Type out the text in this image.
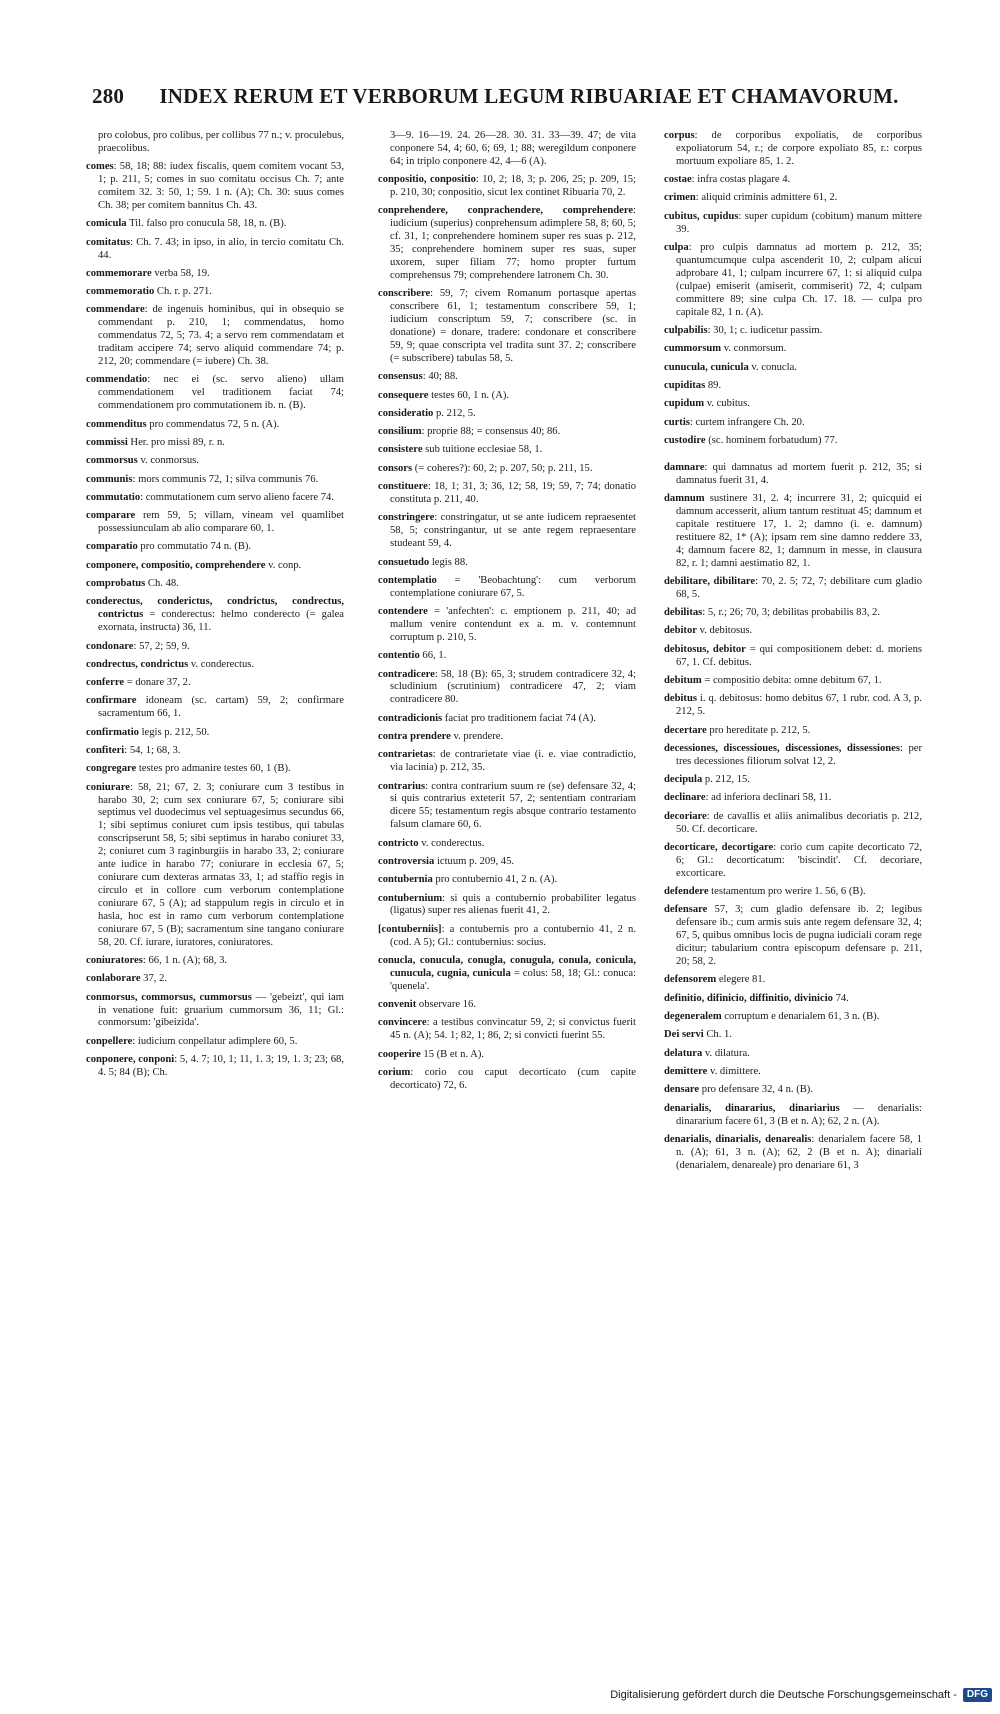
280	INDEX RERUM ET VERBORUM LEGUM RIBUARIAE ET CHAMAVORUM.

pro colobus, pro colibus, per collibus 77 n.; v. proculebus, praecolibus.

comes: 58, 18; 88: iudex fiscalis, quem comitem vocant 53, 1; p. 211, 5; comes in suo comitatu occisus Ch. 7; ante comitem 32. 3: 50, 1; 59. 1 n. (A); Ch. 30: suus comes Ch. 38; per comitem bannitus Ch. 43.

comicula Til. falso pro conucula 58, 18, n. (B).

comitatus: Ch. 7. 43; in ipso, in alio, in tercio comitatu Ch. 44.

commemorare verba 58, 19.

commemoratio Ch. r. p. 271.

commendare: de ingenuis hominibus, qui in obsequio se commendant p. 210, 1; commendatus, homo commendatus 72, 5; 73. 4; a servo rem commendatam et traditam accipere 74; servo aliquid commendare 74; p. 212, 20; commendare (= iubere) Ch. 38.

commendatio: nec ei (sc. servo alieno) ullam commendationem vel traditionem faciat 74; commendationem pro commutationem ib. n. (B).

commenditus pro commendatus 72, 5 n. (A).

commissi Her. pro missi 89, r. n.

commorsus v. conmorsus.

communis: mors communis 72, 1; silva communis 76.

commutatio: commutationem cum servo alieno facere 74.

comparare rem 59, 5; villam, vineam vel quamlibet possessiunculam ab alio comparare 60, 1.

comparatio pro commutatio 74 n. (B).

componere, compositio, comprehendere v. conp.

comprobatus Ch. 48.

conderectus, conderictus, condrictus, condrectus, contrictus = conderectus: helmo conderecto (= galea exornata, instructa) 36, 11.

condonare: 57, 2; 59, 9.

condrectus, condrictus v. conderectus.

conferre = donare 37, 2.

confirmare idoneam (sc. cartam) 59, 2; confirmare sacramentum 66, 1.

confirmatio legis p. 212, 50.

confiteri: 54, 1; 68, 3.

congregare testes pro admanire testes 60, 1 (B).

coniurare: 58, 21; 67, 2. 3; coniurare cum 3 testibus in harabo 30, 2; cum sex coniurare 67, 5; coniurare sibi septimus vel duodecimus vel septuagesimus secundus 66, 1; sibi septimus coniuret cum ipsis testibus, qui tabulas conscripserunt 58, 5; sibi septimus in harabo coniuret 33, 2; coniuret cum 3 raginburgiis in harabo 33, 2; coniurare ante iudice in harabo 77; coniurare in ecclesia 67, 5; coniurare cum dexteras armatas 33, 1; ad staffio regis in circulo et in collore cum verborum contemplatione coniurare 67, 5 (A); ad stappulum regis in circulo et in hasla, hoc est in ramo cum verborum contemplatione coniurare 67, 5 (B); sacramentum sine tangano coniurare 58, 20. Cf. iurare, iuratores, coniuratores.

coniuratores: 66, 1 n. (A); 68, 3.

conlaborare 37, 2.

conmorsus, commorsus, cummorsus — 'gebeizt', qui iam in venatione fuit: gruarium cummorsum 36, 11; Gl.: conmorsum: 'gibeizida'.

conpellere: iudicium conpellatur adimplere 60, 5.

conponere, conponi: 5, 4. 7; 10, 1; 11, 1. 3; 19, 1. 3; 23; 68, 4. 5; 84 (B); Ch.

3—9. 16—19. 24. 26—28. 30. 31. 33—39. 47; de vita conponere 54, 4; 60, 6; 69, 1; 88; weregildum conponere 64; in triplo conponere 42, 4—6 (A).

conpositio, conpositio: 10, 2; 18, 3; p. 206, 25; p. 209, 15; p. 210, 30; conpositio, sicut lex continet Ribuaria 70, 2.

conprehendere, conprachendere, comprehendere: iudicium (superius) conprehensum adimplere 58, 8; 60, 5; cf. 31, 1; conprehendere hominem super res suas p. 212, 35; conprehendere hominem super res suas, super uxorem, super filiam 77; homo propter furtum comprehensus 79; comprehendere latronem Ch. 30.

conscribere: 59, 7; civem Romanum portasque apertas conscribere 61, 1; testamentum conscribere 59, 1; iudicium conscriptum 59, 7; conscribere (sc. in donatione) = donare, tradere: condonare et conscribere 59, 9; quae conscripta vel tradita sunt 37. 2; conscribere (= subscribere) tabulas 58, 5.

consensus: 40; 88.

consequere testes 60, 1 n. (A).

consideratio p. 212, 5.

consilium: proprie 88; = consensus 40; 86.

consistere sub tuitione ecclesiae 58, 1.

consors (= coheres?): 60, 2; p. 207, 50; p. 211, 15.

constituere: 18, 1; 31, 3; 36, 12; 58, 19; 59, 7; 74; donatio constituta p. 211, 40.

constringere: constringatur, ut se ante iudicem repraesentet 58, 5; constringantur, ut se ante regem repraesentare studeant 59, 4.

consuetudo legis 88.

contemplatio = 'Beobachtung': cum verborum contemplatione coniurare 67, 5.

contendere = 'anfechten': c. emptionem p. 211, 40; ad mallum venire contendunt ex a. m. v. contemnunt corruptum p. 210, 5.

contentio 66, 1.

contradicere: 58, 18 (B): 65, 3; strudem contradicere 32, 4; scludinium (scrutinium) contradicere 47, 2; viam contradicere 80.

contradicionis faciat pro traditionem faciat 74 (A).

contra prendere v. prendere.

contrarietas: de contrarietate viae (i. e. viae contradictio, via lacinia) p. 212, 35.

contrarius: contra contrarium suum re (se) defensare 32, 4; si quis contrarius exteterit 57, 2; sententiam contrariam dicere 55; testamentum regis absque contrario testamento falsum clamare 60, 6.

contricto v. conderectus.

controversia ictuum p. 209, 45.

contubernia pro contubernio 41, 2 n. (A).

contubernium: si quis a contubernio probabiliter legatus (ligatus) super res alienas fuerit 41, 2.

[contuberniis]: a contubernis pro a contubernio 41, 2 n. (cod. A 5); Gl.: contubernius: socius.

conucla, conucula, conugla, conugula, conula, conicula, cunucula, cugnia, cunicula = colus: 58, 18; Gl.: conuca: 'quenela'.

convenit observare 16.

convincere: a testibus convincatur 59, 2; si convictus fuerit 45 n. (A); 54. 1; 82, 1; 86, 2; si convicti fuerint 55.

cooperire 15 (B et n. A).

corium: corio cou caput decorticato (cum capite decorticato) 72, 6.

corpus: de corporibus expoliatis, de corporibus expoliatorum 54, r.; de corpore expoliato 85, r.: corpus mortuum expoliare 85, 1. 2.

costae: infra costas plagare 4.

crimen: aliquid criminis admittere 61, 2.

cubitus, cupidus: super cupidum (cobitum) manum mittere 39.

culpa: pro culpis damnatus ad mortem p. 212, 35; quantumcumque culpa ascenderit 10, 2; culpam alicui adprobare 41, 1; culpam incurrere 67, 1: si aliquid culpa (culpae) emiserit (amiserit, commiserit) 72, 4; culpam committere 89; sine culpa Ch. 17. 18. — culpa pro capitale 82, 1 n. (A).

culpabilis: 30, 1; c. iudicetur passim.

cummorsum v. conmorsum.

cunucula, cunicula v. conucla.

cupiditas 89.

cupidum v. cubitus.

curtis: curtem infrangere Ch. 20.

custodire (sc. hominem forbatudum) 77.

damnare: qui damnatus ad mortem fuerit p. 212, 35; si damnatus fuerit 31, 4.

damnum sustinere 31, 2. 4; incurrere 31, 2; quicquid ei damnum accesserit, alium tantum restituat 45; damnum et capitale restituere 17, 1. 2; damno (i. e. damnum) restituere 82, 1* (A); ipsam rem sine damno reddere 33, 4; damnum facere 82, 1; damnum in messe, in clausura 82, r. 1; damni aestimatio 82, 1.

debilitare, dibilitare: 70, 2. 5; 72, 7; debilitare cum gladio 68, 5.

debilitas: 5, r.; 26; 70, 3; debilitas probabilis 83, 2.

debitor v. debitosus.

debitosus, debitor = qui compositionem debet: d. moriens 67, 1. Cf. debitus.

debitum = compositio debita: omne debitum 67, 1.

debitus i. q. debitosus: homo debitus 67, 1 rubr. cod. A 3, p. 212, 5.

decertare pro hereditate p. 212, 5.

decessiones, discessioues, discessiones, dissessiones: per tres decessiones filiorum solvat 12, 2.

decipula p. 212, 15.

declinare: ad inferiora declinari 58, 11.

decoriare: de cavallis et aliis animalibus decoriatis p. 212, 50. Cf. decorticare.

decorticare, decortigare: corio cum capite decorticato 72, 6; Gl.: decorticatum: 'biscindit'. Cf. decoriare, excorticare.

defendere testamentum pro werire 1. 56, 6 (B).

defensare 57, 3; cum gladio defensare ib. 2; legibus defensare ib.; cum armis suis ante regem defensare 32, 4; 67, 5, quibus omnibus locis de pugna iudiciali coram rege dicitur; tabularium contra episcopum defensare p. 211, 20; 58, 2.

defensorem elegere 81.

definitio, difinicio, diffinitio, divinicio 74.

degeneralem corruptum e denarialem 61, 3 n. (B).

Dei servi Ch. 1.

delatura v. dilatura.

demittere v. dimittere.

densare pro defensare 32, 4 n. (B).

denarialis, dinararius, dinariarius — denarialis: dinararium facere 61, 3 (B et n. A); 62, 2 n. (A).

denarialis, dinarialis, denarealis: denarialem facere 58, 1 n. (A); 61, 3 n. (A); 62, 2 (B et n. A); dinariali (denarialem, denareale) pro denariare 61, 3

Digitalisierung gefördert durch die Deutsche Forschungsgemeinschaft -	DFG
